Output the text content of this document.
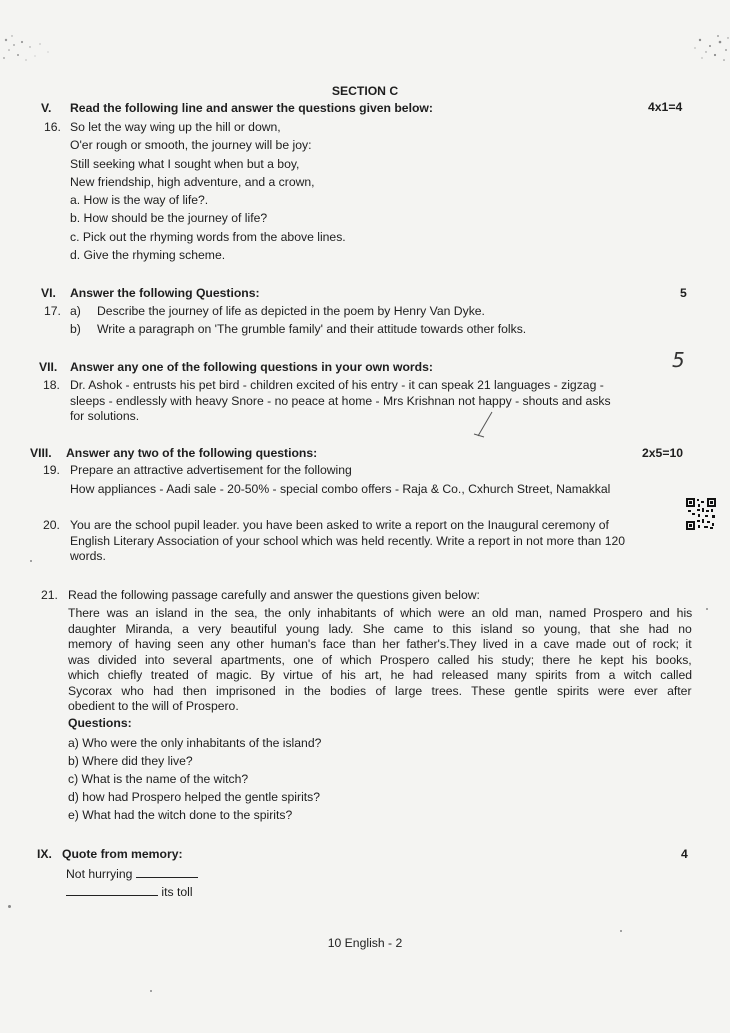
SECTION C
V. Read the following line and answer the questions given below:	4x1=4
16. So let the way wing up the hill or down,
O'er rough or smooth, the journey will be joy:
Still seeking what I sought when but a boy,
New friendship, high adventure, and a crown,
a. How is the way of life?.
b. How should be the journey of life?
c. Pick out the rhyming words from the above lines.
d. Give the rhyming scheme.
VI. Answer the following Questions:	5
17. a) Describe the journey of life as depicted in the poem by Henry Van Dyke.
b) Write a paragraph on 'The grumble family' and their attitude towards other folks.
VII. Answer any one of the following questions in your own words:	5
18. Dr. Ashok - entrusts his pet bird - children excited of his entry - it can speak 21 languages - zigzag -
sleeps - endlessly with heavy Snore - no peace at home - Mrs Krishnan not happy - shouts and asks
for solutions.
VIII. Answer any two of the following questions:	2x5=10
19. Prepare an attractive advertisement for the following
How appliances - Aadi sale - 20-50% - special combo offers - Raja & Co., Cxhurch Street, Namakkal
20. You are the school pupil leader. you have been asked to write a report on the Inaugural ceremony of
English Literary Association of your school which was held recently. Write a report in not more than 120
words.
21. Read the following passage carefully and answer the questions given below:
There was an island in the sea, the only inhabitants of which were an old man, named Prospero and his
daughter Miranda, a very beautiful young lady. She came to this island so young, that she had no
memory of having seen any other human's face than her father's.They lived in a cave made out of rock; it
was divided into several apartments, one of which Prospero called his study; there he kept his books,
which chiefly treated of magic. By virtue of his art, he had released many spirits from a witch called
Sycorax who had then imprisoned in the bodies of large trees. These gentle spirits were ever after
obedient to the will of Prospero.
Questions:
a) Who were the only inhabitants of the island?
b) Where did they live?
c) What is the name of the witch?
d) how had Prospero helped the gentle spirits?
e) What had the witch done to the spirits?
IX. Quote from memory:	4
Not hurrying
its toll
10 English - 2
